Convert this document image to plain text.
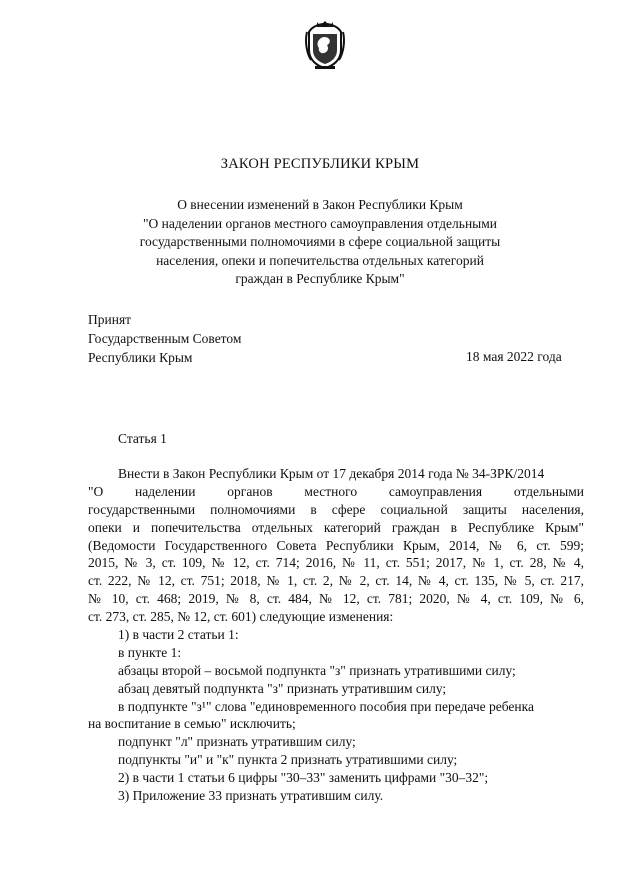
ЗАКОН РЕСПУБЛИКИ КРЫМ
О внесении изменений в Закон Республики Крым
"О наделении органов местного самоуправления отдельными
государственными полномочиями в сфере социальной защиты
населения, опеки и попечительства отдельных категорий
граждан в Республике Крым"
Принят
Государственным Советом
Республики Крым	18 мая 2022 года
Статья 1
Внести в Закон Республики Крым от 17 декабря 2014 года № 34-ЗРК/2014
"О наделении органов местного самоуправления отдельными
государственными полномочиями в сфере социальной защиты населения,
опеки и попечительства отдельных категорий граждан в Республике Крым"
(Ведомости Государственного Совета Республики Крым, 2014, № 6, ст. 599;
2015, № 3, ст. 109, № 12, ст. 714; 2016, № 11, ст. 551; 2017, № 1, ст. 28, № 4,
ст. 222, № 12, ст. 751; 2018, № 1, ст. 2, № 2, ст. 14, № 4, ст. 135, № 5, ст. 217,
№ 10, ст. 468; 2019, № 8, ст. 484, № 12, ст. 781; 2020, № 4, ст. 109, № 6,
ст. 273, ст. 285, № 12, ст. 601) следующие изменения:
1) в части 2 статьи 1:
в пункте 1:
абзацы второй – восьмой подпункта "з" признать утратившими силу;
абзац девятый подпункта "з" признать утратившим силу;
в подпункте "з¹" слова "единовременного пособия при передаче ребенка
на воспитание в семью" исключить;
подпункт "л" признать утратившим силу;
подпункты "и" и "к" пункта 2 признать утратившими силу;
2) в части 1 статьи 6 цифры "30–33" заменить цифрами "30–32";
3) Приложение 33 признать утратившим силу.
